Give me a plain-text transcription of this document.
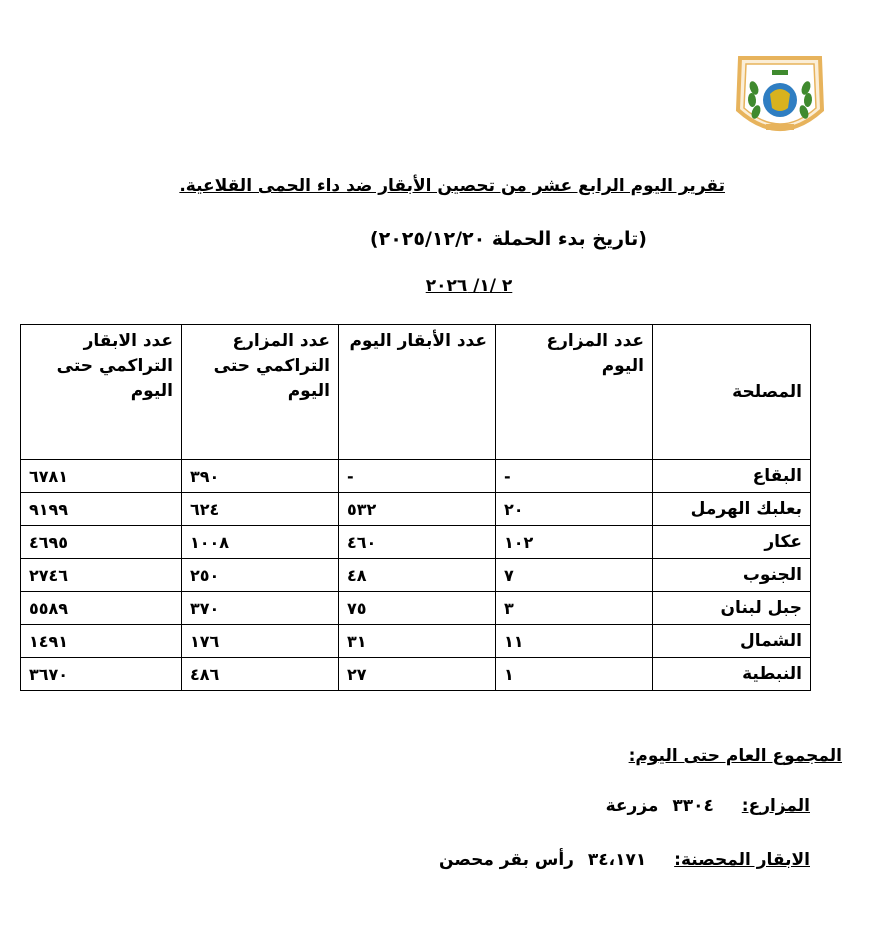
تقرير اليوم الرابع عشر من تحصين الأبقار ضد داء الحمى القلاعية.
(تاريخ بدء الحملة ٢٠٢٥/١٢/٢٠)
٢ /١/ ٢٠٢٦
المصلحة	عدد المزارع اليوم	عدد الأبقار اليوم	عدد المزارع التراكمي حتى اليوم	عدد الابقار التراكمي حتى اليوم
البقاع	-	-	٣٩٠	٦٧٨١
بعلبك الهرمل	٢٠	٥٣٢	٦٢٤	٩١٩٩
عكار	١٠٢	٤٦٠	١٠٠٨	٤٦٩٥
الجنوب	٧	٤٨	٢٥٠	٢٧٤٦
جبل لبنان	٣	٧٥	٣٧٠	٥٥٨٩
الشمال	١١	٣١	١٧٦	١٤٩١
النبطية	١	٢٧	٤٨٦	٣٦٧٠
المجموع العام حتى اليوم:
المزارع: ٣٣٠٤ مزرعة
الابقار المحصنة: ٣٤،١٧١ رأس بقر محصن
